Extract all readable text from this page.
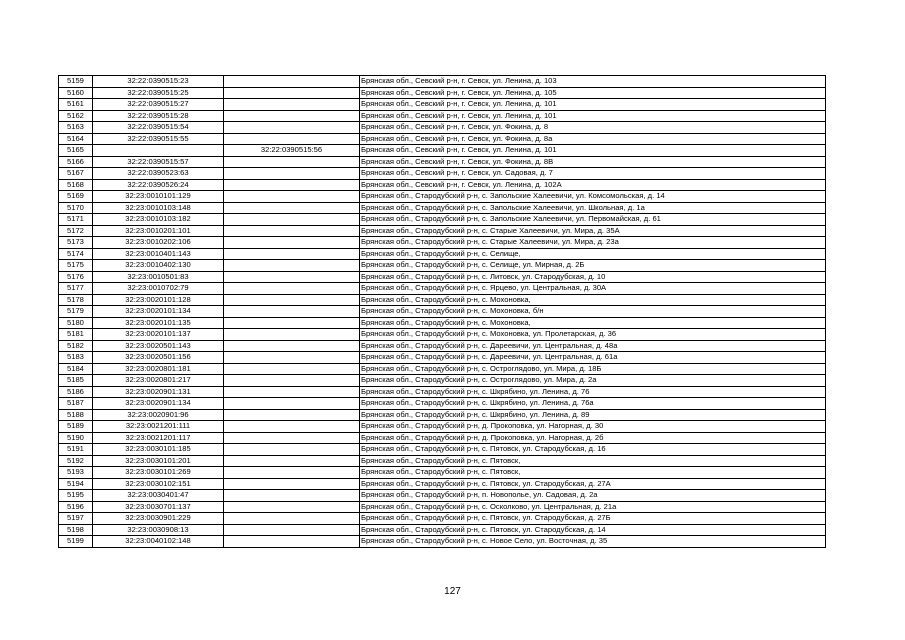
5159	32:22:0390515:23		Брянская обл., Севский р-н, г. Севск, ул. Ленина, д. 103
5160	32:22:0390515:25		Брянская обл., Севский р-н, г. Севск, ул. Ленина, д. 105
5161	32:22:0390515:27		Брянская обл., Севский р-н, г. Севск, ул. Ленина, д. 101
5162	32:22:0390515:28		Брянская обл., Севский р-н, г. Севск, ул. Ленина, д. 101
5163	32:22:0390515:54		Брянская обл., Севский р-н, г. Севск, ул. Фокина, д. 8
5164	32:22:0390515:55		Брянская обл., Севский р-н, г. Севск, ул. Фокина, д. 8а
5165		32:22:0390515:56	Брянская обл., Севский р-н, г. Севск, ул. Ленина, д. 101
5166	32:22:0390515:57		Брянская обл., Севский р-н, г. Севск, ул. Фокина, д. 8В
5167	32:22:0390523:63		Брянская обл., Севский р-н, г. Севск, ул. Садовая, д. 7
5168	32:22:0390526:24		Брянская обл., Севский р-н, г. Севск, ул. Ленина, д. 102А
5169	32:23:0010101:129		Брянская обл., Стародубский р-н, с. Запольские Халеевичи, ул. Комсомольская, д. 14
5170	32:23:0010103:148		Брянская обл., Стародубский р-н, с. Запольские Халеевичи, ул. Школьная, д. 1а
5171	32:23:0010103:182		Брянская обл., Стародубский р-н, с. Запольские Халеевичи, ул. Первомайская, д. 61
5172	32:23:0010201:101		Брянская обл., Стародубский р-н, с. Старые Халеевичи, ул. Мира, д. 35А
5173	32:23:0010202:106		Брянская обл., Стародубский р-н, с. Старые Халеевичи, ул. Мира, д. 23а
5174	32:23:0010401:143		Брянская обл., Стародубский р-н, с. Селище,
5175	32:23:0010402:130		Брянская обл., Стародубский р-н, с. Селище, ул. Мирная, д. 2Б
5176	32:23:0010501:83		Брянская обл., Стародубский р-н, с. Литовск, ул. Стародубская, д. 10
5177	32:23:0010702:79		Брянская обл., Стародубский р-н, с. Ярцево, ул. Центральная, д. 30А
5178	32:23:0020101:128		Брянская обл., Стародубский р-н, с. Мохоновка,
5179	32:23:0020101:134		Брянская обл., Стародубский р-н, с. Мохоновка, б/н
5180	32:23:0020101:135		Брянская обл., Стародубский р-н, с. Мохоновка,
5181	32:23:0020101:137		Брянская обл., Стародубский р-н, с. Мохоновка, ул. Пролетарская, д. 36
5182	32:23:0020501:143		Брянская обл., Стародубский р-н, с. Дареевичи, ул. Центральная, д. 48а
5183	32:23:0020501:156		Брянская обл., Стародубский р-н, с. Дареевичи, ул. Центральная, д. 61а
5184	32:23:0020801:181		Брянская обл., Стародубский р-н, с. Остроглядово, ул. Мира, д. 18Б
5185	32:23:0020801:217		Брянская обл., Стародубский р-н, с. Остроглядово, ул. Мира, д. 2а
5186	32:23:0020901:131		Брянская обл., Стародубский р-н, с. Шкрябино, ул. Ленина, д. 76
5187	32:23:0020901:134		Брянская обл., Стародубский р-н, с. Шкрябино, ул. Ленина, д. 76а
5188	32:23:0020901:96		Брянская обл., Стародубский р-н, с. Шкрябино, ул. Ленина, д. 89
5189	32:23:0021201:111		Брянская обл., Стародубский р-н, д. Прокоповка, ул. Нагорная, д. 30
5190	32:23:0021201:117		Брянская обл., Стародубский р-н, д. Прокоповка, ул. Нагорная, д. 2б
5191	32:23:0030101:185		Брянская обл., Стародубский р-н, с. Пятовск, ул. Стародубская, д. 16
5192	32:23:0030101:201		Брянская обл., Стародубский р-н, с. Пятовск,
5193	32:23:0030101:269		Брянская обл., Стародубский р-н, с. Пятовск,
5194	32:23:0030102:151		Брянская обл., Стародубский р-н, с. Пятовск, ул. Стародубская, д. 27А
5195	32:23:0030401:47		Брянская обл., Стародубский р-н, п. Новополье, ул. Садовая, д. 2а
5196	32:23:0030701:137		Брянская обл., Стародубский р-н, с. Осколково, ул. Центральная, д. 21а
5197	32:23:0030901:229		Брянская обл., Стародубский р-н, с. Пятовск, ул. Стародубская, д. 27Б
5198	32:23:0030908:13		Брянская обл., Стародубский р-н, с. Пятовск, ул. Стародубская, д. 14
5199	32:23:0040102:148		Брянская обл., Стародубский р-н, с. Новое Село, ул. Восточная, д. 35
127
